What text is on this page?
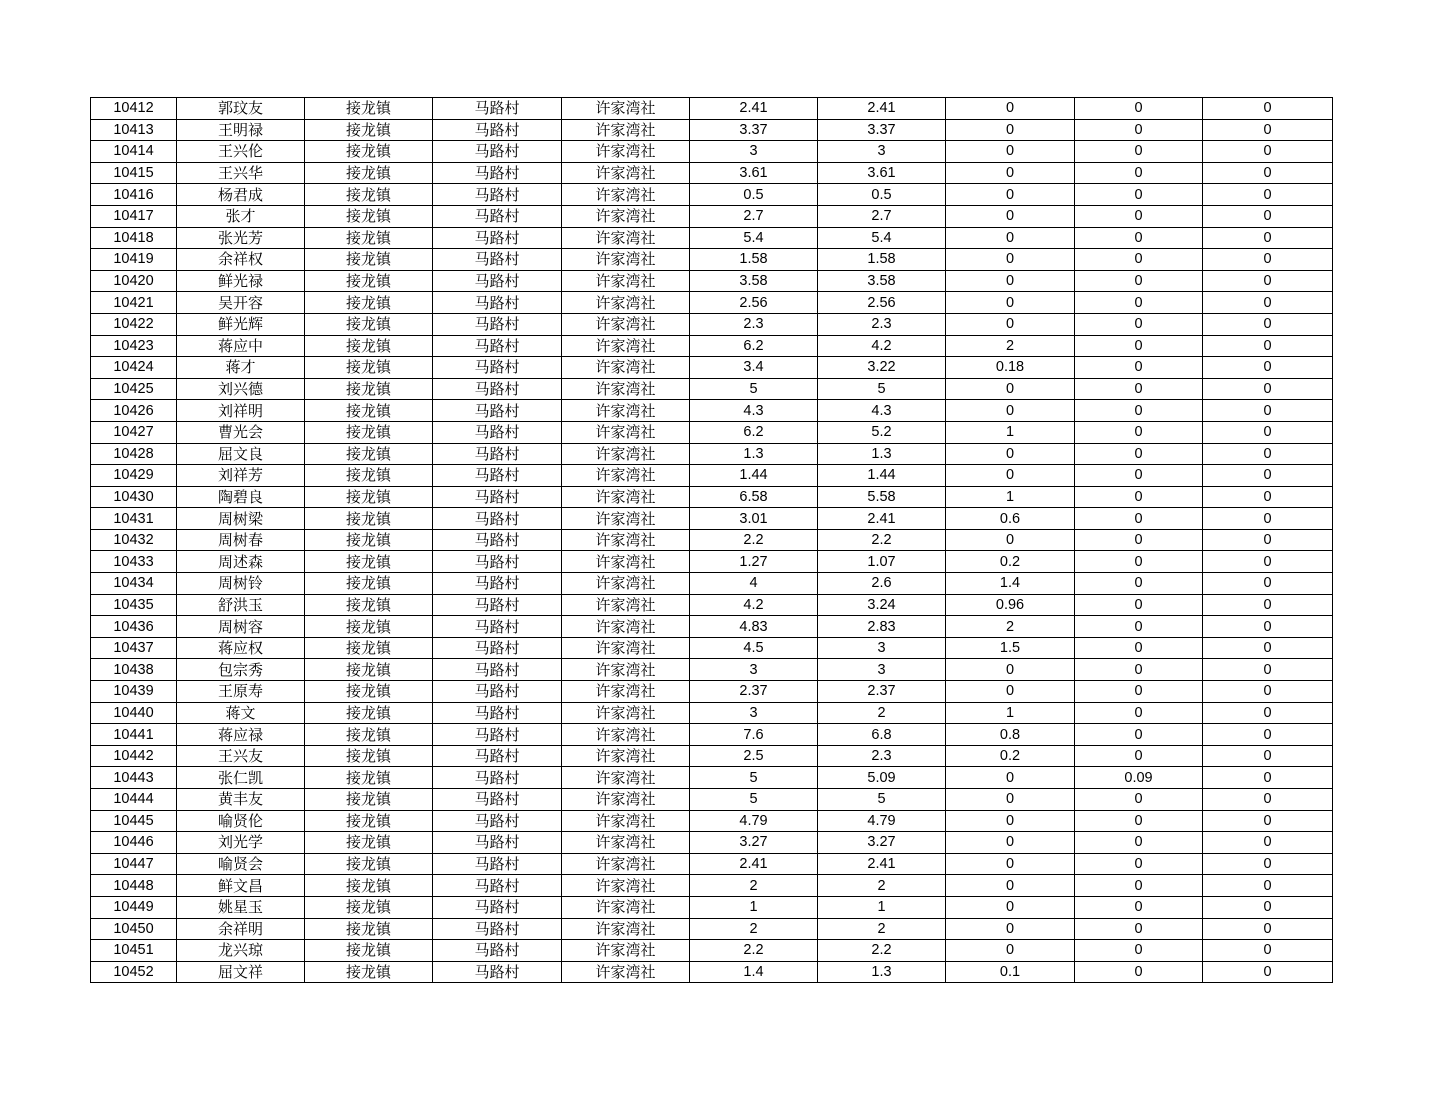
10412	郭玟友	接龙镇	马路村	许家湾社	2.41	2.41	0	0	0
10413	王明禄	接龙镇	马路村	许家湾社	3.37	3.37	0	0	0
10414	王兴伦	接龙镇	马路村	许家湾社	3	3	0	0	0
10415	王兴华	接龙镇	马路村	许家湾社	3.61	3.61	0	0	0
10416	杨君成	接龙镇	马路村	许家湾社	0.5	0.5	0	0	0
10417	张才	接龙镇	马路村	许家湾社	2.7	2.7	0	0	0
10418	张光芳	接龙镇	马路村	许家湾社	5.4	5.4	0	0	0
10419	余祥权	接龙镇	马路村	许家湾社	1.58	1.58	0	0	0
10420	鲜光禄	接龙镇	马路村	许家湾社	3.58	3.58	0	0	0
10421	吴开容	接龙镇	马路村	许家湾社	2.56	2.56	0	0	0
10422	鲜光辉	接龙镇	马路村	许家湾社	2.3	2.3	0	0	0
10423	蒋应中	接龙镇	马路村	许家湾社	6.2	4.2	2	0	0
10424	蒋才	接龙镇	马路村	许家湾社	3.4	3.22	0.18	0	0
10425	刘兴德	接龙镇	马路村	许家湾社	5	5	0	0	0
10426	刘祥明	接龙镇	马路村	许家湾社	4.3	4.3	0	0	0
10427	曹光会	接龙镇	马路村	许家湾社	6.2	5.2	1	0	0
10428	屈文良	接龙镇	马路村	许家湾社	1.3	1.3	0	0	0
10429	刘祥芳	接龙镇	马路村	许家湾社	1.44	1.44	0	0	0
10430	陶碧良	接龙镇	马路村	许家湾社	6.58	5.58	1	0	0
10431	周树梁	接龙镇	马路村	许家湾社	3.01	2.41	0.6	0	0
10432	周树春	接龙镇	马路村	许家湾社	2.2	2.2	0	0	0
10433	周述森	接龙镇	马路村	许家湾社	1.27	1.07	0.2	0	0
10434	周树铃	接龙镇	马路村	许家湾社	4	2.6	1.4	0	0
10435	舒洪玉	接龙镇	马路村	许家湾社	4.2	3.24	0.96	0	0
10436	周树容	接龙镇	马路村	许家湾社	4.83	2.83	2	0	0
10437	蒋应权	接龙镇	马路村	许家湾社	4.5	3	1.5	0	0
10438	包宗秀	接龙镇	马路村	许家湾社	3	3	0	0	0
10439	王原寿	接龙镇	马路村	许家湾社	2.37	2.37	0	0	0
10440	蒋文	接龙镇	马路村	许家湾社	3	2	1	0	0
10441	蒋应禄	接龙镇	马路村	许家湾社	7.6	6.8	0.8	0	0
10442	王兴友	接龙镇	马路村	许家湾社	2.5	2.3	0.2	0	0
10443	张仁凯	接龙镇	马路村	许家湾社	5	5.09	0	0.09	0
10444	黄丰友	接龙镇	马路村	许家湾社	5	5	0	0	0
10445	喻贤伦	接龙镇	马路村	许家湾社	4.79	4.79	0	0	0
10446	刘光学	接龙镇	马路村	许家湾社	3.27	3.27	0	0	0
10447	喻贤会	接龙镇	马路村	许家湾社	2.41	2.41	0	0	0
10448	鲜文昌	接龙镇	马路村	许家湾社	2	2	0	0	0
10449	姚星玉	接龙镇	马路村	许家湾社	1	1	0	0	0
10450	余祥明	接龙镇	马路村	许家湾社	2	2	0	0	0
10451	龙兴琼	接龙镇	马路村	许家湾社	2.2	2.2	0	0	0
10452	屈文祥	接龙镇	马路村	许家湾社	1.4	1.3	0.1	0	0
